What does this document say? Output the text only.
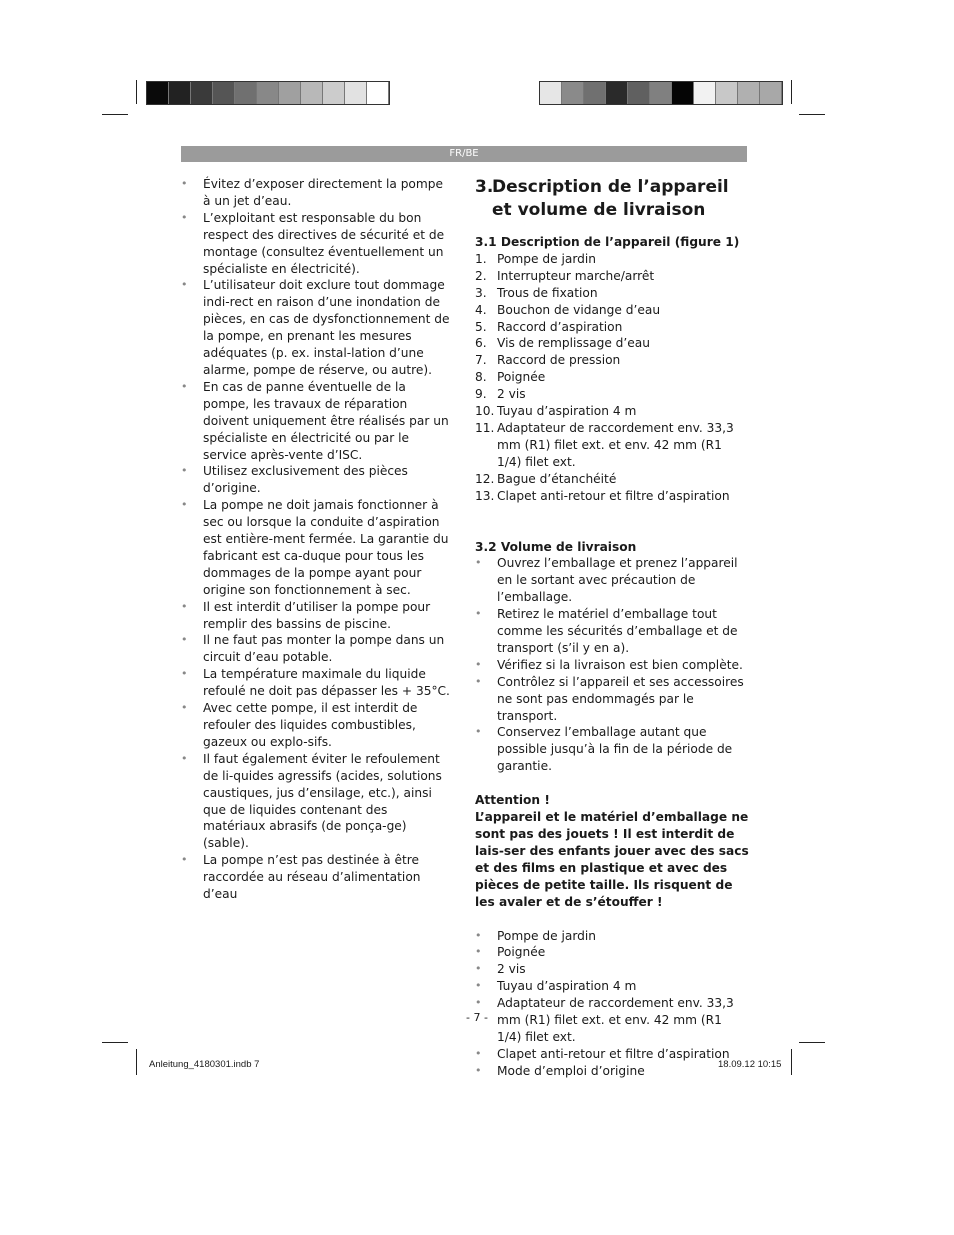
FR/BE
• Évitez d’exposer directement la pompe à un jet d’eau.
• L’exploitant est responsable du bon respect des directives de sécurité et de montage (consultez éventuellement un spécialiste en électricité).
• L’utilisateur doit exclure tout dommage indi-rect en raison d’une inondation de pièces, en cas de dysfonctionnement de la pompe, en prenant les mesures adéquates (p. ex. instal-lation d’une alarme, pompe de réserve, ou autre).
• En cas de panne éventuelle de la pompe, les travaux de réparation doivent uniquement être réalisés par un spécialiste en électricité ou par le service après-vente d’ISC.
• Utilisez exclusivement des pièces d’origine.
• La pompe ne doit jamais fonctionner à sec ou lorsque la conduite d’aspiration est entière-ment fermée. La garantie du fabricant est ca-duque pour tous les dommages de la pompe ayant pour origine son fonctionnement à sec.
• Il est interdit d’utiliser la pompe pour remplir des bassins de piscine.
• Il ne faut pas monter la pompe dans un circuit d’eau potable.
• La température maximale du liquide refoulé ne doit pas dépasser les + 35°C.
• Avec cette pompe, il est interdit de refouler des liquides combustibles, gazeux ou explo-sifs.
• Il faut également éviter le refoulement de li-quides agressifs (acides, solutions caustiques, jus d’ensilage, etc.), ainsi que de liquides contenant des matériaux abrasifs (de ponça-ge) (sable).
• La pompe n’est pas destinée à être raccordée au réseau d’alimentation d’eau
3.
Description de l’appareil et volume de livraison
3.1 Description de l’appareil (figure 1)
1. Pompe de jardin
2. Interrupteur marche/arrêt
3. Trous de fixation
4. Bouchon de vidange d’eau
5. Raccord d’aspiration
6. Vis de remplissage d’eau
7. Raccord de pression
8. Poignée
9. 2 vis
10. Tuyau d’aspiration 4 m
11. Adaptateur de raccordement env. 33,3 mm (R1) filet ext. et env. 42 mm (R1 1/4) filet ext.
12. Bague d’étanchéité
13. Clapet anti-retour et filtre d’aspiration
3.2 Volume de livraison
• Ouvrez l’emballage et prenez l’appareil en le sortant avec précaution de l’emballage.
• Retirez le matériel d’emballage tout comme les sécurités d’emballage et de transport (s’il y en a).
• Vérifiez si la livraison est bien complète.
• Contrôlez si l’appareil et ses accessoires ne sont pas endommagés par le transport.
• Conservez l’emballage autant que possible jusqu’à la fin de la période de garantie.
Attention !
L’appareil et le matériel d’emballage ne sont pas des jouets ! Il est interdit de lais-ser des enfants jouer avec des sacs et des films en plastique et avec des pièces de petite taille. Ils risquent de les avaler et de s’étouffer !
• Pompe de jardin
• Poignée
• 2 vis
• Tuyau d’aspiration 4 m
• Adaptateur de raccordement env. 33,3 mm (R1) filet ext. et env. 42 mm (R1 1/4) filet ext.
• Clapet anti-retour et filtre d’aspiration
• Mode d’emploi d’origine
- 7 -
Anleitung_4180301.indb 7	18.09.12 10:15
